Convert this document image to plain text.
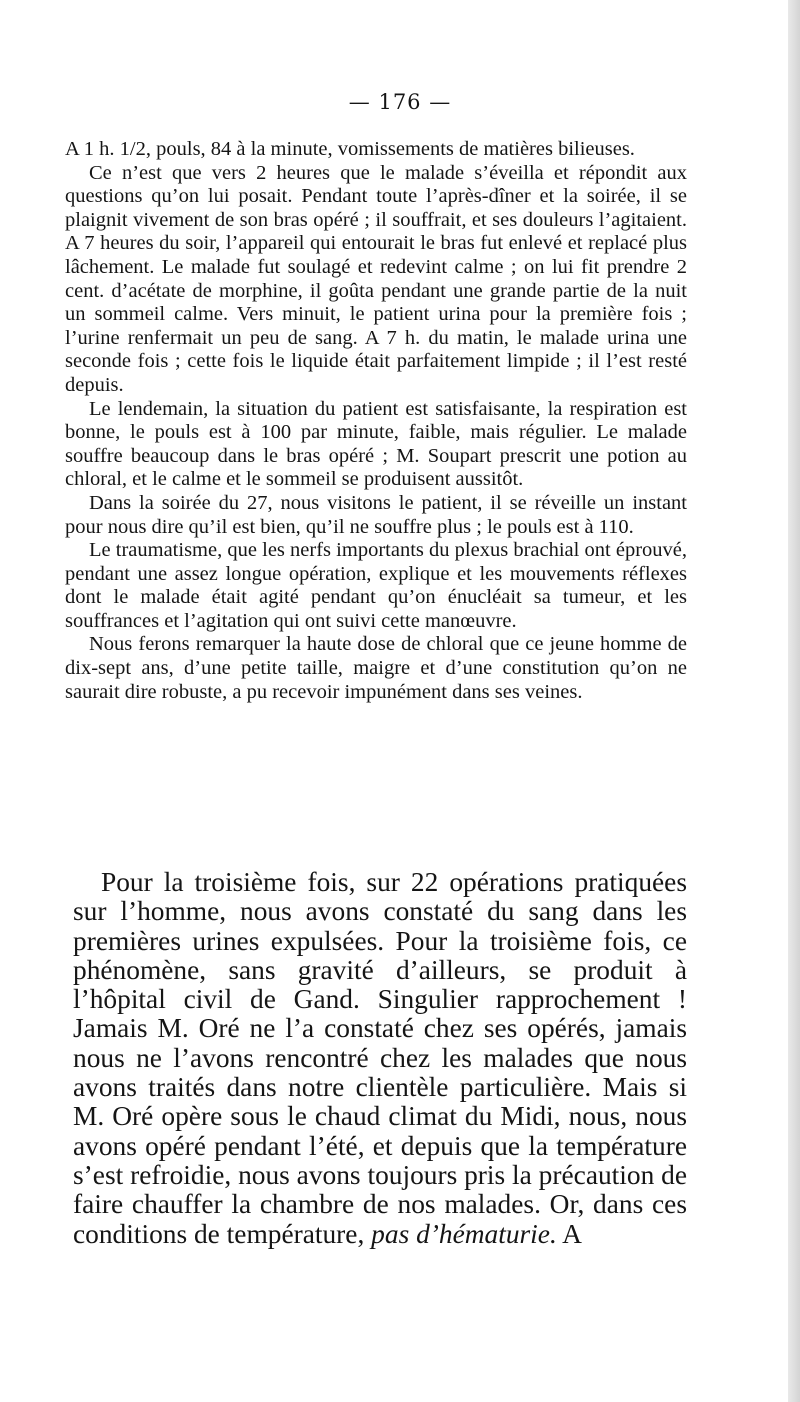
— 176 —

A 1 h. 1/2, pouls, 84 à la minute, vomissements de matières bilieuses.

Ce n’est que vers 2 heures que le malade s’éveilla et répondit aux questions qu’on lui posait. Pendant toute l’après-dîner et la soirée, il se plaignit vivement de son bras opéré ; il souffrait, et ses douleurs l’agitaient. A 7 heures du soir, l’appareil qui entourait le bras fut enlevé et replacé plus lâchement. Le malade fut soulagé et redevint calme ; on lui fit prendre 2 cent. d’acétate de morphine, il goûta pendant une grande partie de la nuit un sommeil calme. Vers minuit, le patient urina pour la première fois ; l’urine renfermait un peu de sang. A 7 h. du matin, le malade urina une seconde fois ; cette fois le liquide était parfaitement limpide ; il l’est resté depuis.

Le lendemain, la situation du patient est satisfaisante, la respiration est bonne, le pouls est à 100 par minute, faible, mais régulier. Le malade souffre beaucoup dans le bras opéré ; M. Soupart prescrit une potion au chloral, et le calme et le sommeil se produisent aussitôt.

Dans la soirée du 27, nous visitons le patient, il se réveille un instant pour nous dire qu’il est bien, qu’il ne souffre plus ; le pouls est à 110.

Le traumatisme, que les nerfs importants du plexus brachial ont éprouvé, pendant une assez longue opération, explique et les mouvements réflexes dont le malade était agité pendant qu’on énucléait sa tumeur, et les souffrances et l’agitation qui ont suivi cette manœuvre.

Nous ferons remarquer la haute dose de chloral que ce jeune homme de dix-sept ans, d’une petite taille, maigre et d’une constitution qu’on ne saurait dire robuste, a pu recevoir impunément dans ses veines.

Pour la troisième fois, sur 22 opérations pratiquées sur l’homme, nous avons constaté du sang dans les premières urines expulsées. Pour la troisième fois, ce phénomène, sans gravité d’ailleurs, se produit à l’hôpital civil de Gand. Singulier rapprochement ! Jamais M. Oré ne l’a constaté chez ses opérés, jamais nous ne l’avons rencontré chez les malades que nous avons traités dans notre clientèle particulière. Mais si M. Oré opère sous le chaud climat du Midi, nous, nous avons opéré pendant l’été, et depuis que la température s’est refroidie, nous avons toujours pris la précaution de faire chauffer la chambre de nos malades. Or, dans ces conditions de température, pas d’hématurie. A
